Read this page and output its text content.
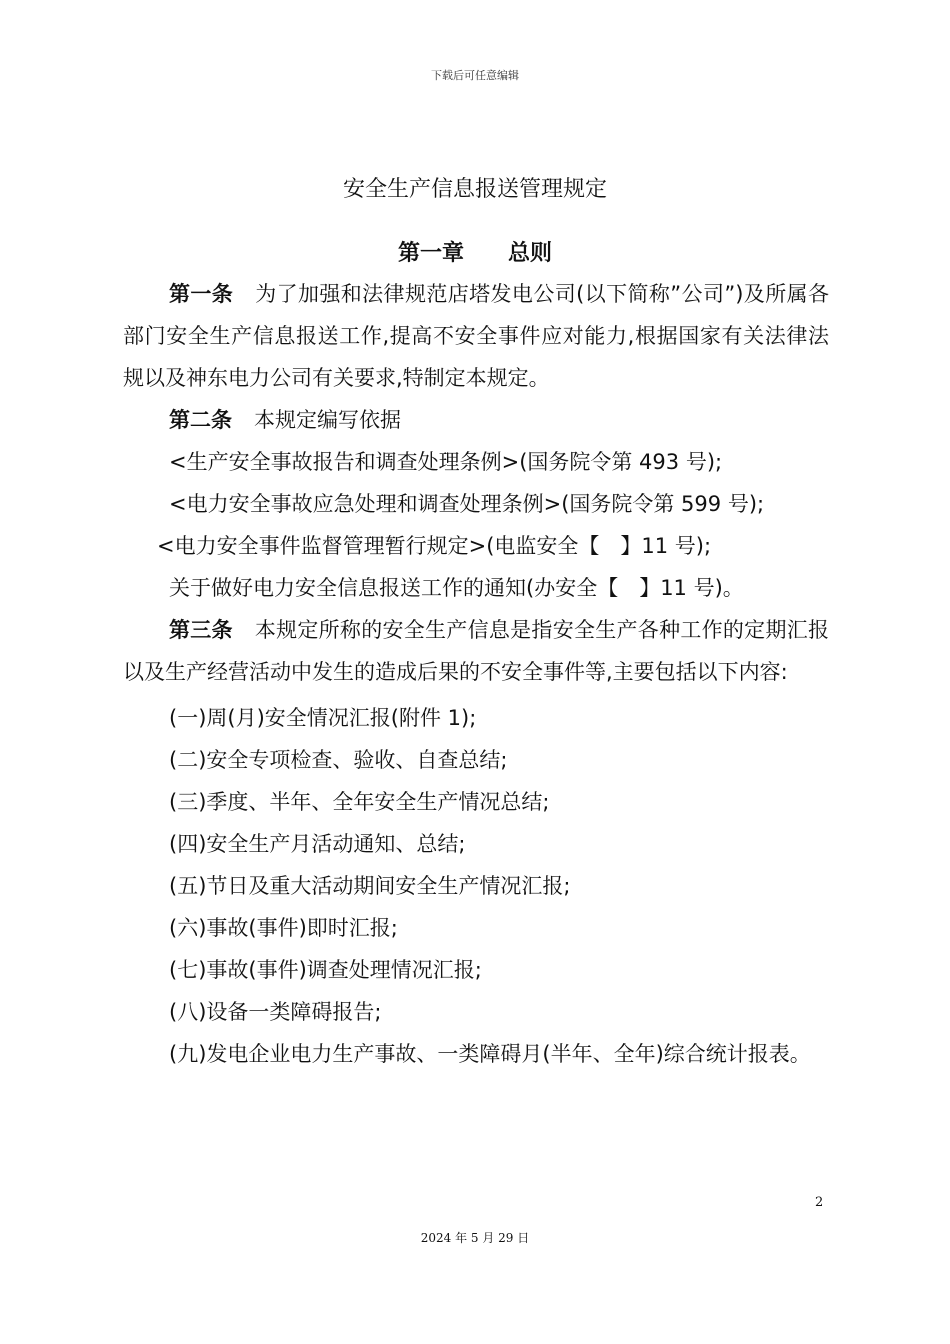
下载后可任意编辑
安全生产信息报送管理规定
第一章 总则

第一条 为了加强和法律规范店塔发电公司(以下简称”公司”)及所属各部门安全生产信息报送工作,提高不安全事件应对能力,根据国家有关法律法规以及神东电力公司有关要求,特制定本规定。

第二条 本规定编写依据

<生产安全事故报告和调查处理条例>(国务院令第 493 号);

<电力安全事故应急处理和调查处理条例>(国务院令第 599 号);

<电力安全事件监督管理暂行规定>(电监安全【　】11 号);

关于做好电力安全信息报送工作的通知(办安全【　】11 号)。

第三条 本规定所称的安全生产信息是指安全生产各种工作的定期汇报以及生产经营活动中发生的造成后果的不安全事件等,主要包括以下内容:

(一)周(月)安全情况汇报(附件 1);

(二)安全专项检查、验收、自查总结;

(三)季度、半年、全年安全生产情况总结;

(四)安全生产月活动通知、总结;

(五)节日及重大活动期间安全生产情况汇报;

(六)事故(事件)即时汇报;

(七)事故(事件)调查处理情况汇报;

(八)设备一类障碍报告;

(九)发电企业电力生产事故、一类障碍月(半年、全年)综合统计报表。

2
2024 年 5 月 29 日
